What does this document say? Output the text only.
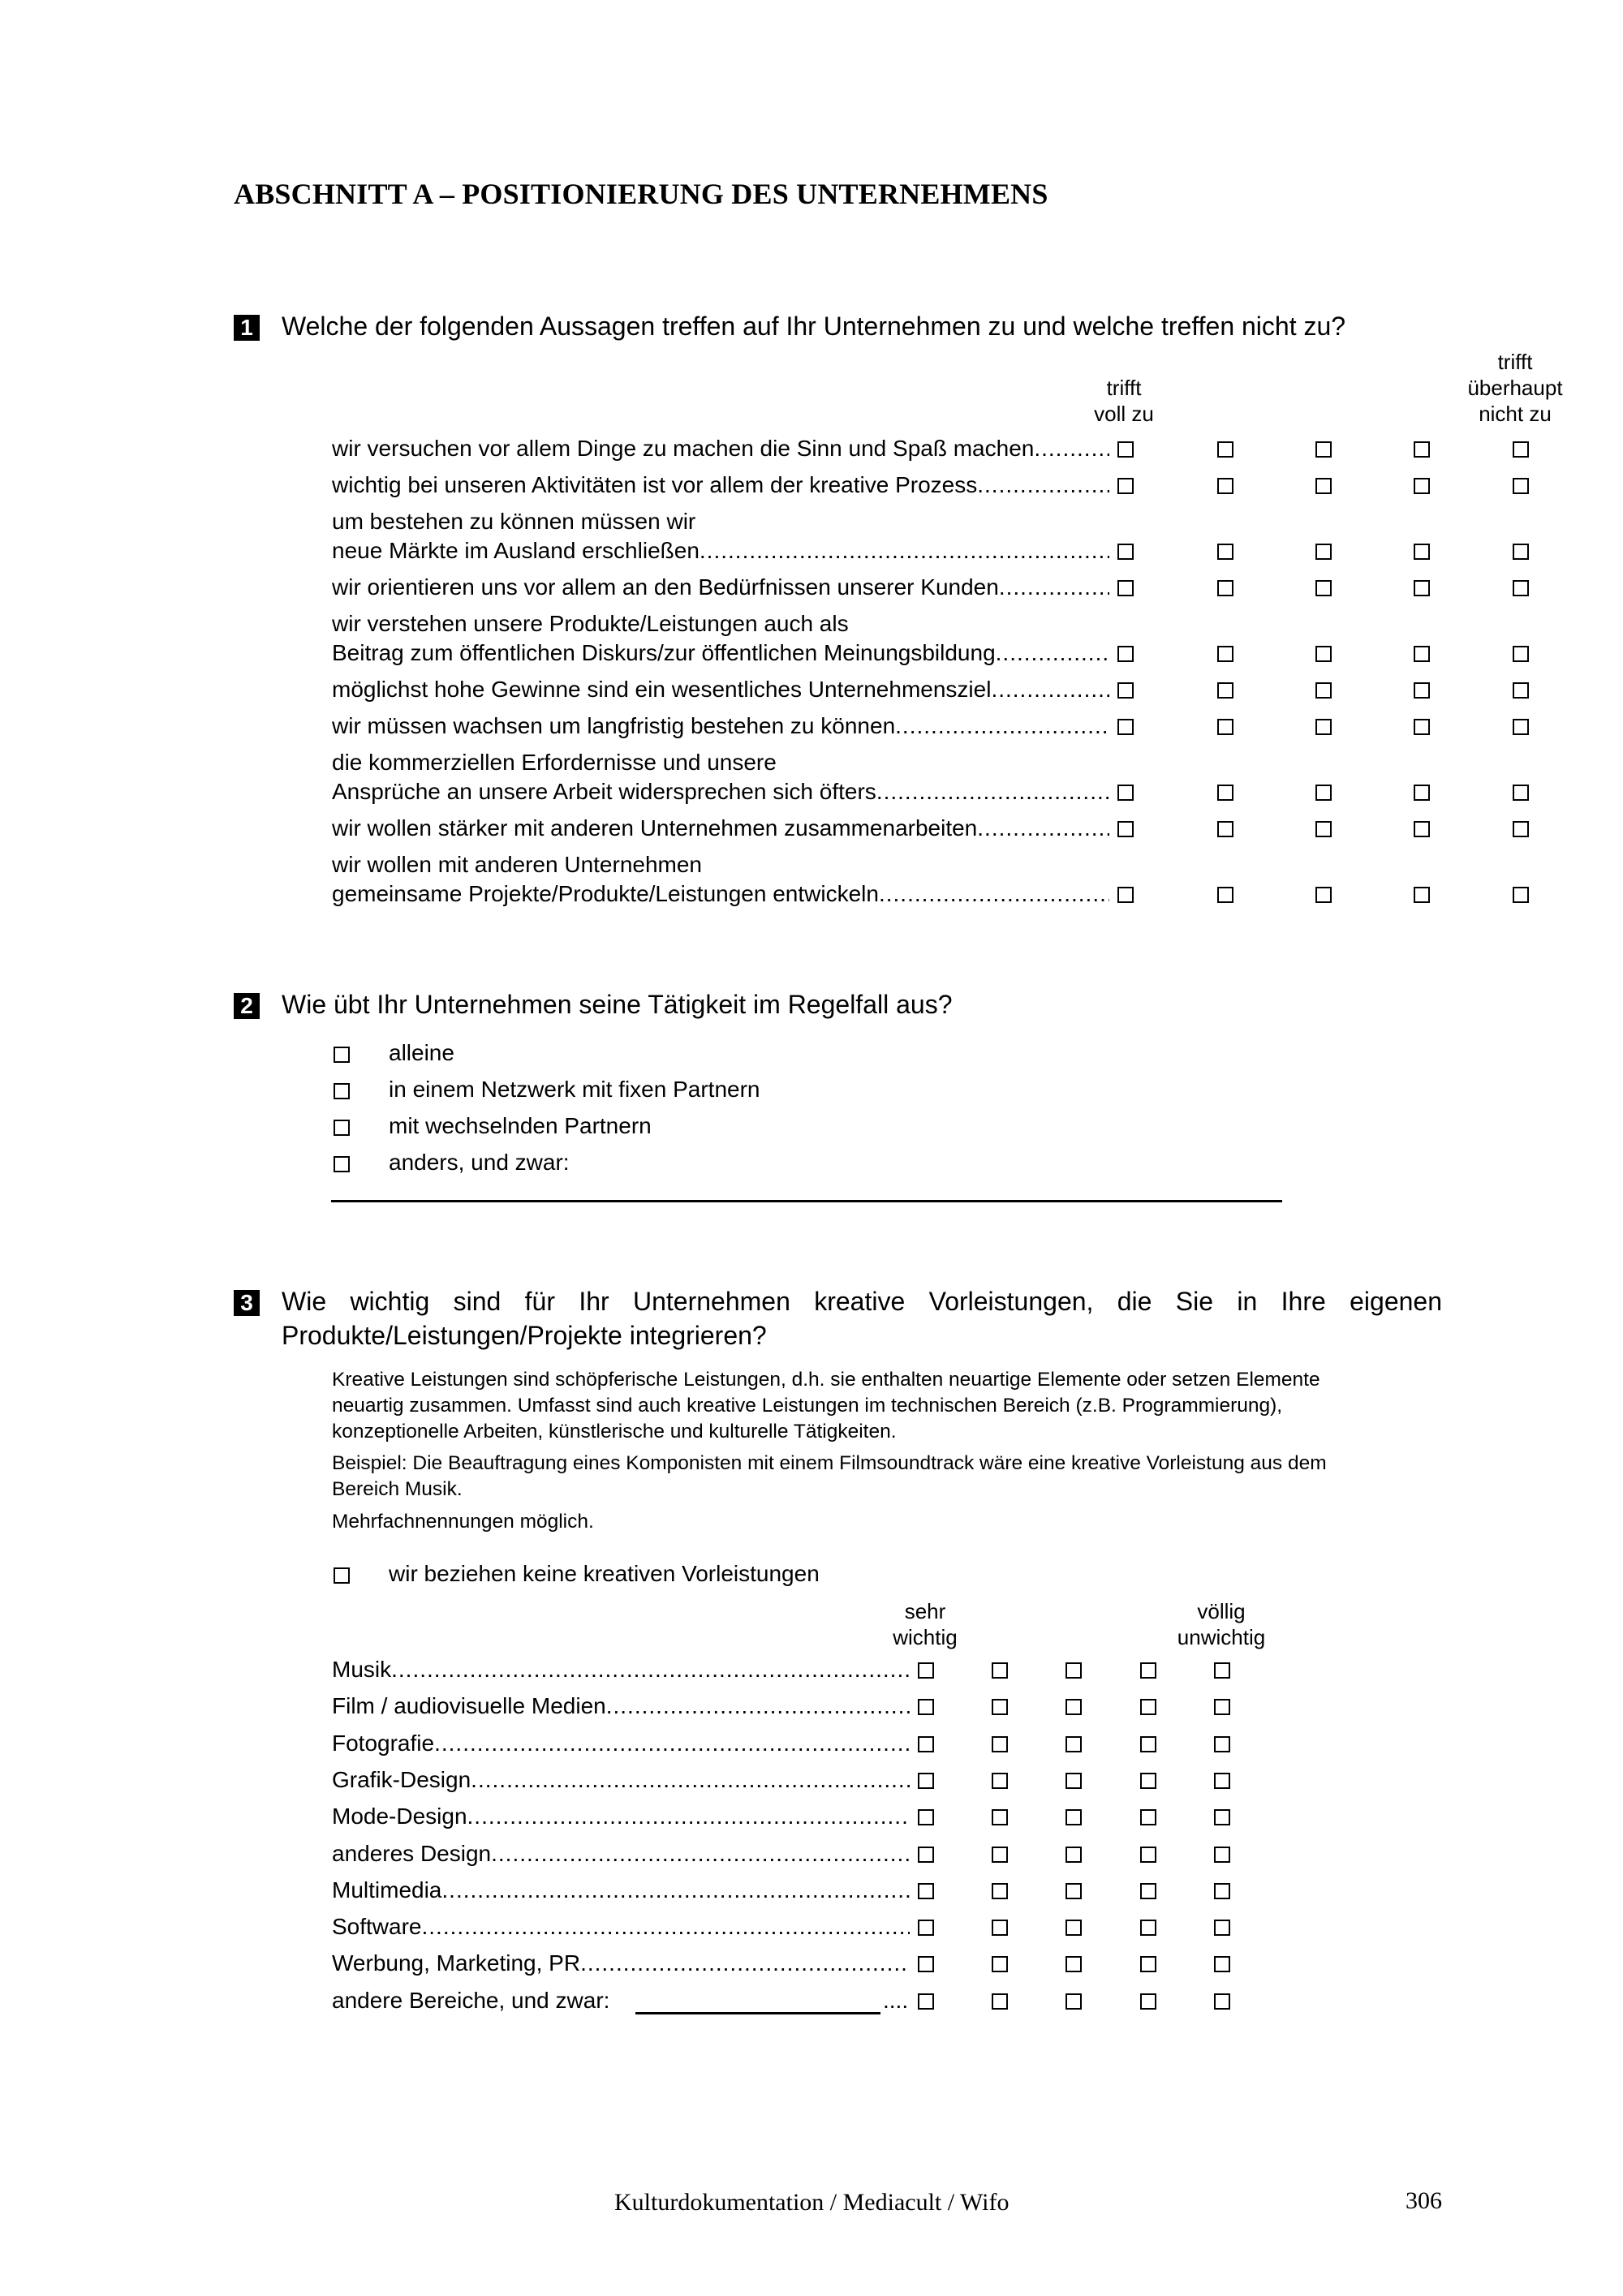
ABSCHNITT A – POSITIONIERUNG DES UNTERNEHMENS
1 Welche der folgenden Aussagen treffen auf Ihr Unternehmen zu und welche treffen nicht zu?
trifft
voll zu
trifft
überhaupt
nicht zu
wir versuchen vor allem Dinge zu machen die Sinn und Spaß machen
.....
wichtig bei unseren Aktivitäten ist vor allem der kreative Prozess
.....
um bestehen zu können müssen wir
neue Märkte im Ausland erschließen
.....
wir orientieren uns vor allem an den Bedürfnissen unserer Kunden
.....
wir verstehen unsere Produkte/Leistungen auch als
Beitrag zum öffentlichen Diskurs/zur öffentlichen Meinungsbildung
.....
möglichst hohe Gewinne sind ein wesentliches Unternehmensziel
.....
wir müssen wachsen um langfristig bestehen zu können
.....
die kommerziellen Erfordernisse und unsere
Ansprüche an unsere Arbeit widersprechen sich öfters
.....
wir wollen stärker mit anderen Unternehmen zusammenarbeiten
.....
wir wollen mit anderen Unternehmen
gemeinsame Projekte/Produkte/Leistungen entwickeln
.....
2 Wie übt Ihr Unternehmen seine Tätigkeit im Regelfall aus?
alleine
in einem Netzwerk mit fixen Partnern
mit wechselnden Partnern
anders, und zwar:
3 Wie wichtig sind für Ihr Unternehmen kreative Vorleistungen, die Sie in Ihre eigenen
Produkte/Leistungen/Projekte integrieren?
Kreative Leistungen sind schöpferische Leistungen, d.h. sie enthalten neuartige Elemente oder setzen Elemente
neuartig zusammen. Umfasst sind auch kreative Leistungen im technischen Bereich (z.B. Programmierung),
konzeptionelle Arbeiten, künstlerische und kulturelle Tätigkeiten.
Beispiel: Die Beauftragung eines Komponisten mit einem Filmsoundtrack wäre eine kreative Vorleistung aus dem
Bereich Musik.
Mehrfachnennungen möglich.
wir beziehen keine kreativen Vorleistungen
sehr
wichtig
völlig
unwichtig
Musik
.....
Film / audiovisuelle Medien
.....
Fotografie
.....
Grafik-Design
.....
Mode-Design
.....
anderes Design
.....
Multimedia
.....
Software
.....
Werbung, Marketing, PR
.....
andere Bereiche, und zwar:	....
Kulturdokumentation / Mediacult / Wifo	306
